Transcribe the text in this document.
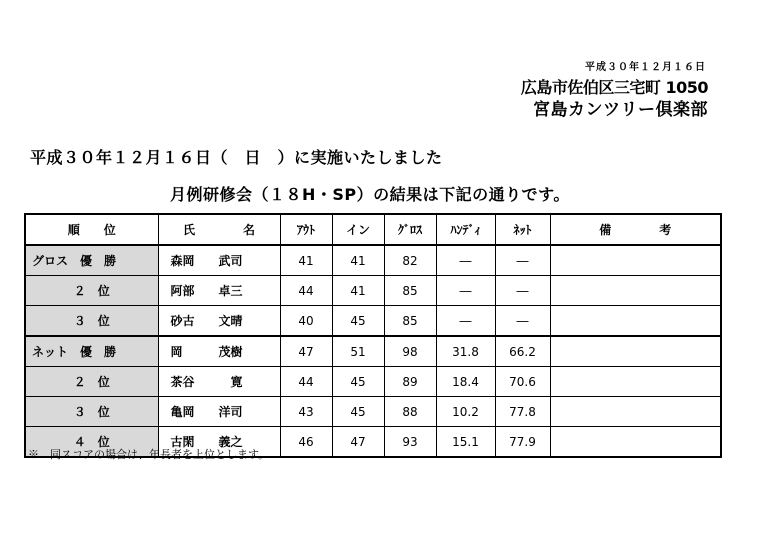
平成３０年１２月１６日
広島市佐伯区三宅町 1050
宮島カンツリー倶楽部
平成３０年１２月１６日（　日　）に実施いたしました
月例研修会（１８H・SP）の結果は下記の通りです。
順　　位	氏　　　　名	ｱｳﾄ	イン	ｸﾞﾛｽ	ﾊﾝﾃﾞｨ	ﾈｯﾄ	備　　　　考
グロス　優　勝	森岡　　武司	41	41	82	―	―	
２　位	阿部　　卓三	44	41	85	―	―	
３　位	砂古　　文晴	40	45	85	―	―	
ネット　優　勝	岡　　　茂樹	47	51	98	31.8	66.2	
２　位	茶谷　　　寛	44	45	89	18.4	70.6	
３　位	亀岡　　洋司	43	45	88	10.2	77.8	
４　位	古閑　　義之	46	47	93	15.1	77.9	
※　同スコアの場合は、年長者を上位とします。
